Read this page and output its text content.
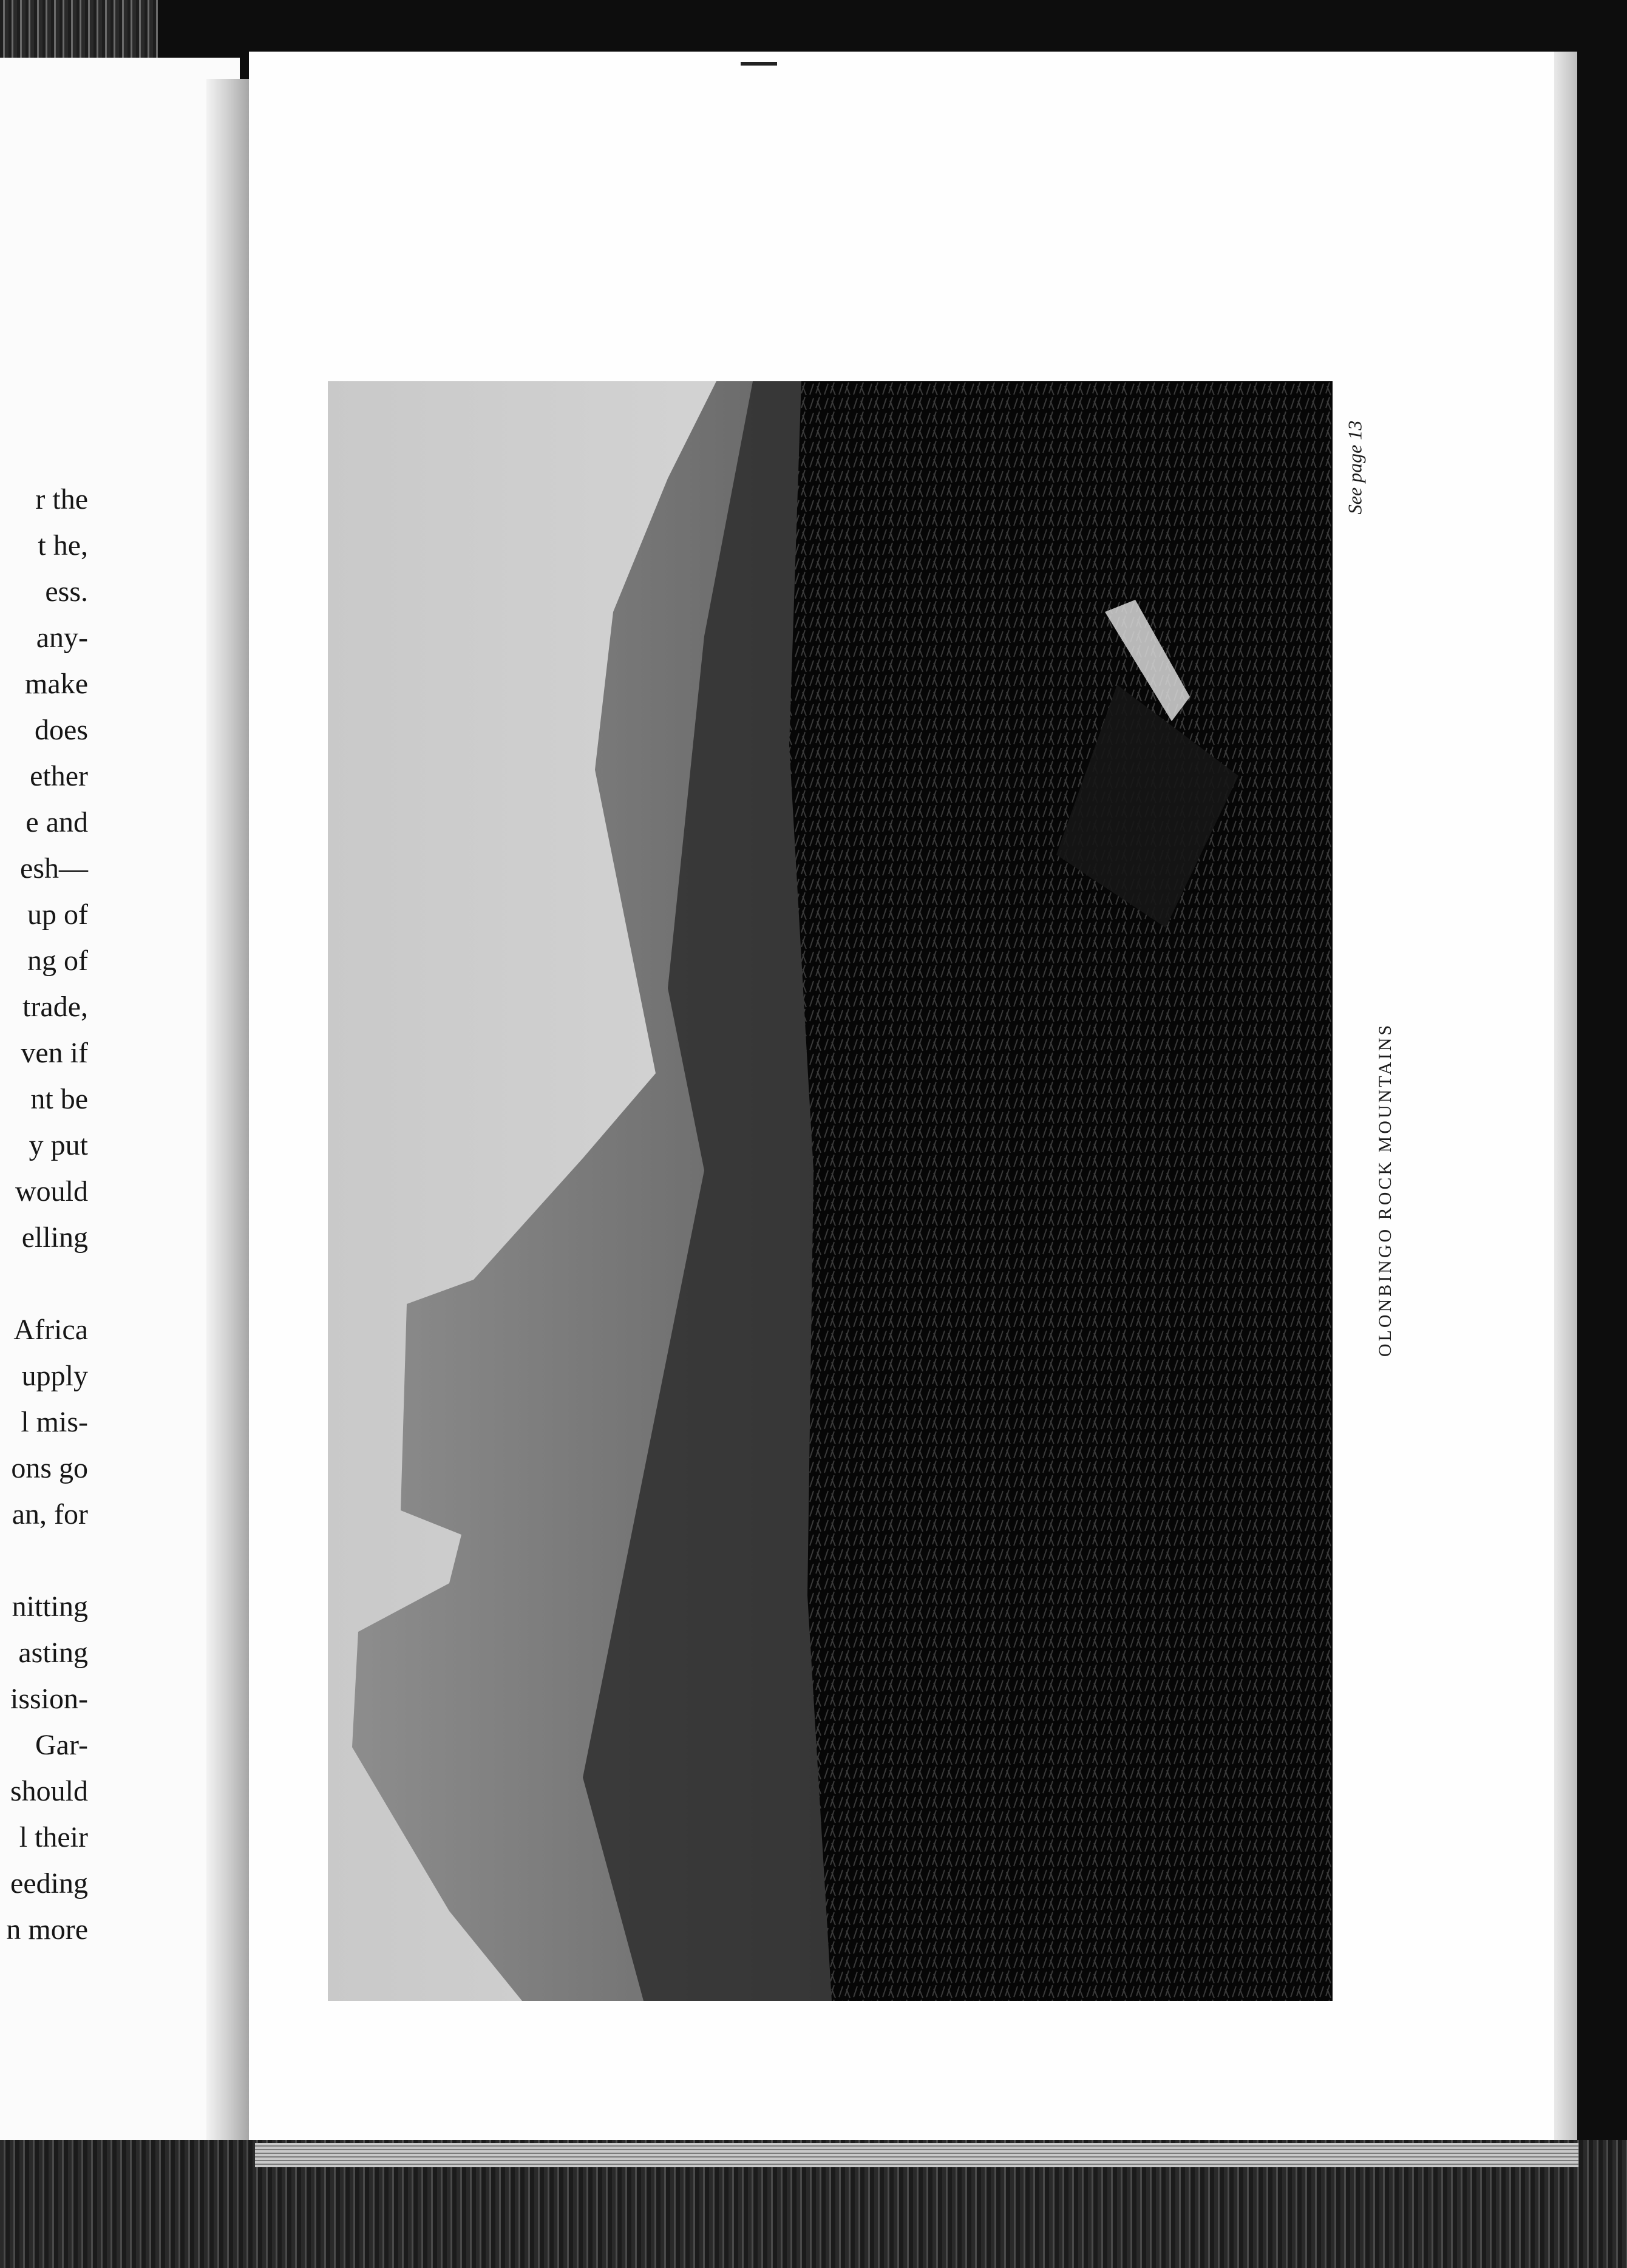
r the
t he,
ess.
any-
make
does
ether
e and
esh—
up of
ng of
trade,
ven if
nt be
y put
would
elling

Africa
upply
l mis-
ons go
an, for

nitting
asting
ission-
Gar-
should
l their
eeding
n more
OLONBINGO ROCK MOUNTAINS
See page 13
